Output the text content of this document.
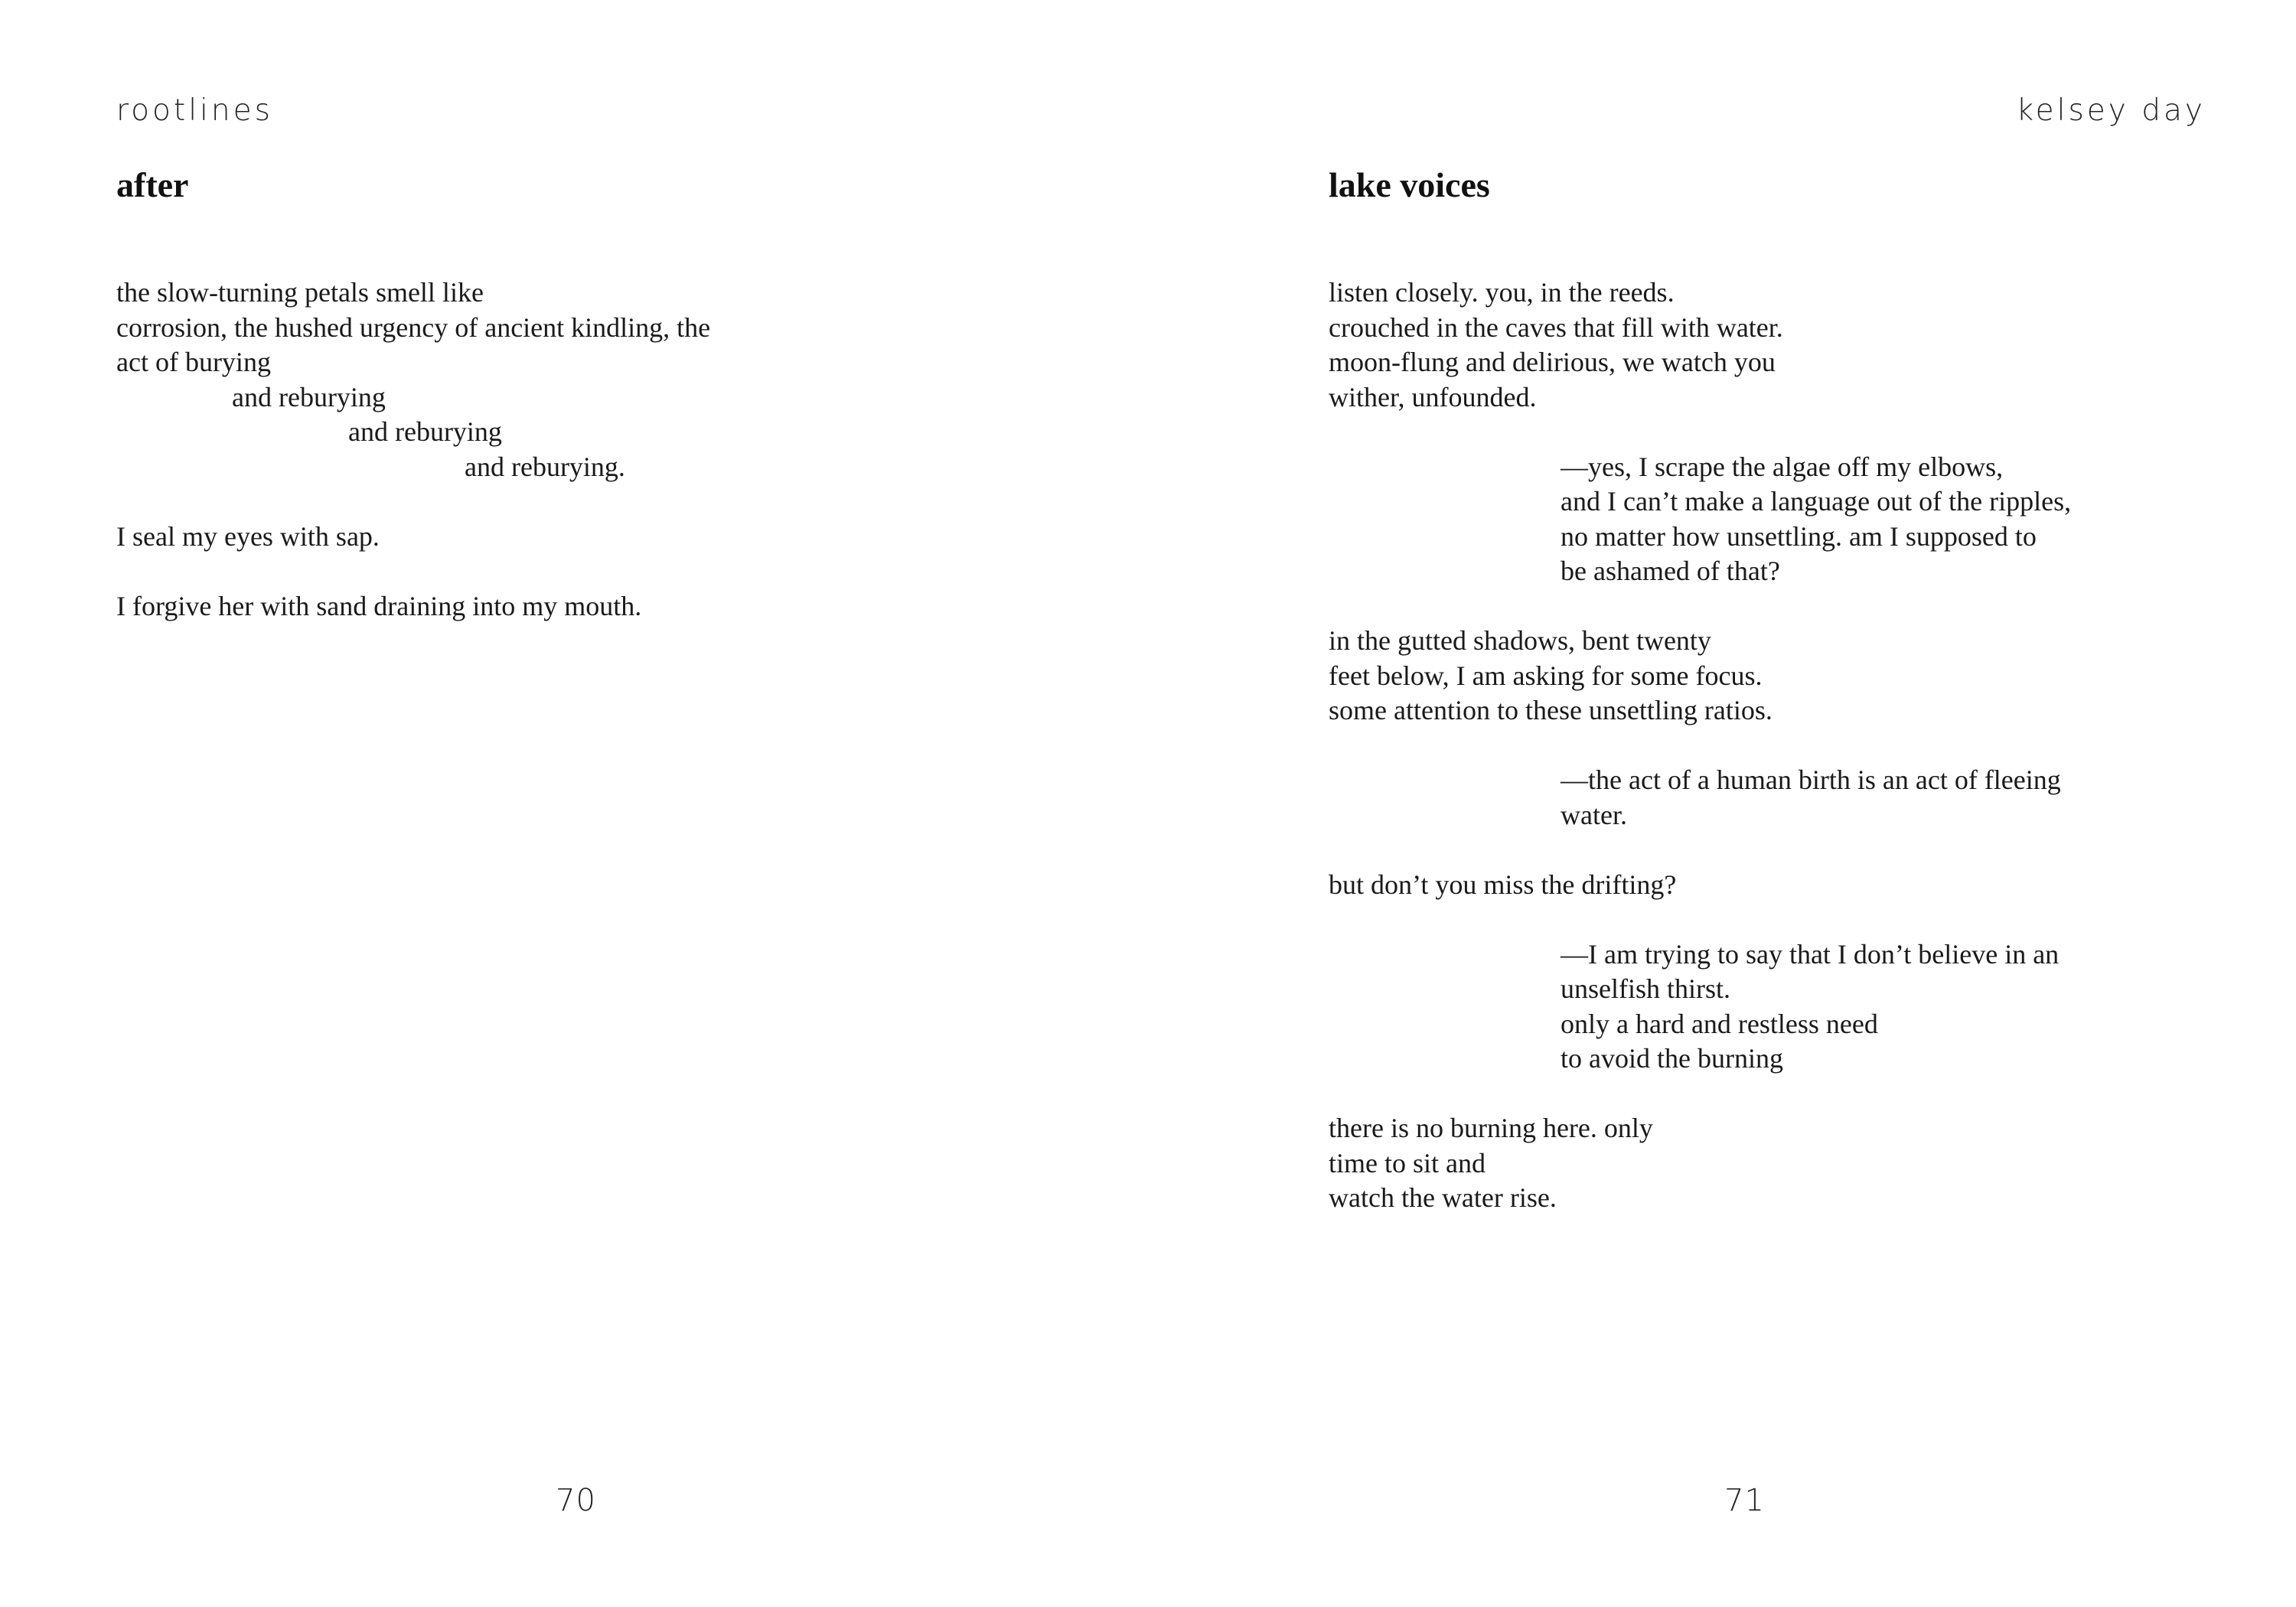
rootlines
after
the slow-turning petals smell like
corrosion, the hushed urgency of ancient kindling, the
act of burying
and reburying
and reburying
and reburying.
I seal my eyes with sap.
I forgive her with sand draining into my mouth.
70
kelsey day
lake voices
listen closely. you, in the reeds.
crouched in the caves that fill with water.
moon-flung and delirious, we watch you
wither, unfounded.
—yes, I scrape the algae off my elbows,
and I can’t make a language out of the ripples,
no matter how unsettling. am I supposed to
be ashamed of that?
in the gutted shadows, bent twenty
feet below, I am asking for some focus.
some attention to these unsettling ratios.
—the act of a human birth is an act of fleeing
water.
but don’t you miss the drifting?
—I am trying to say that I don’t believe in an
unselfish thirst.
only a hard and restless need
to avoid the burning
there is no burning here. only
time to sit and
watch the water rise.
71
